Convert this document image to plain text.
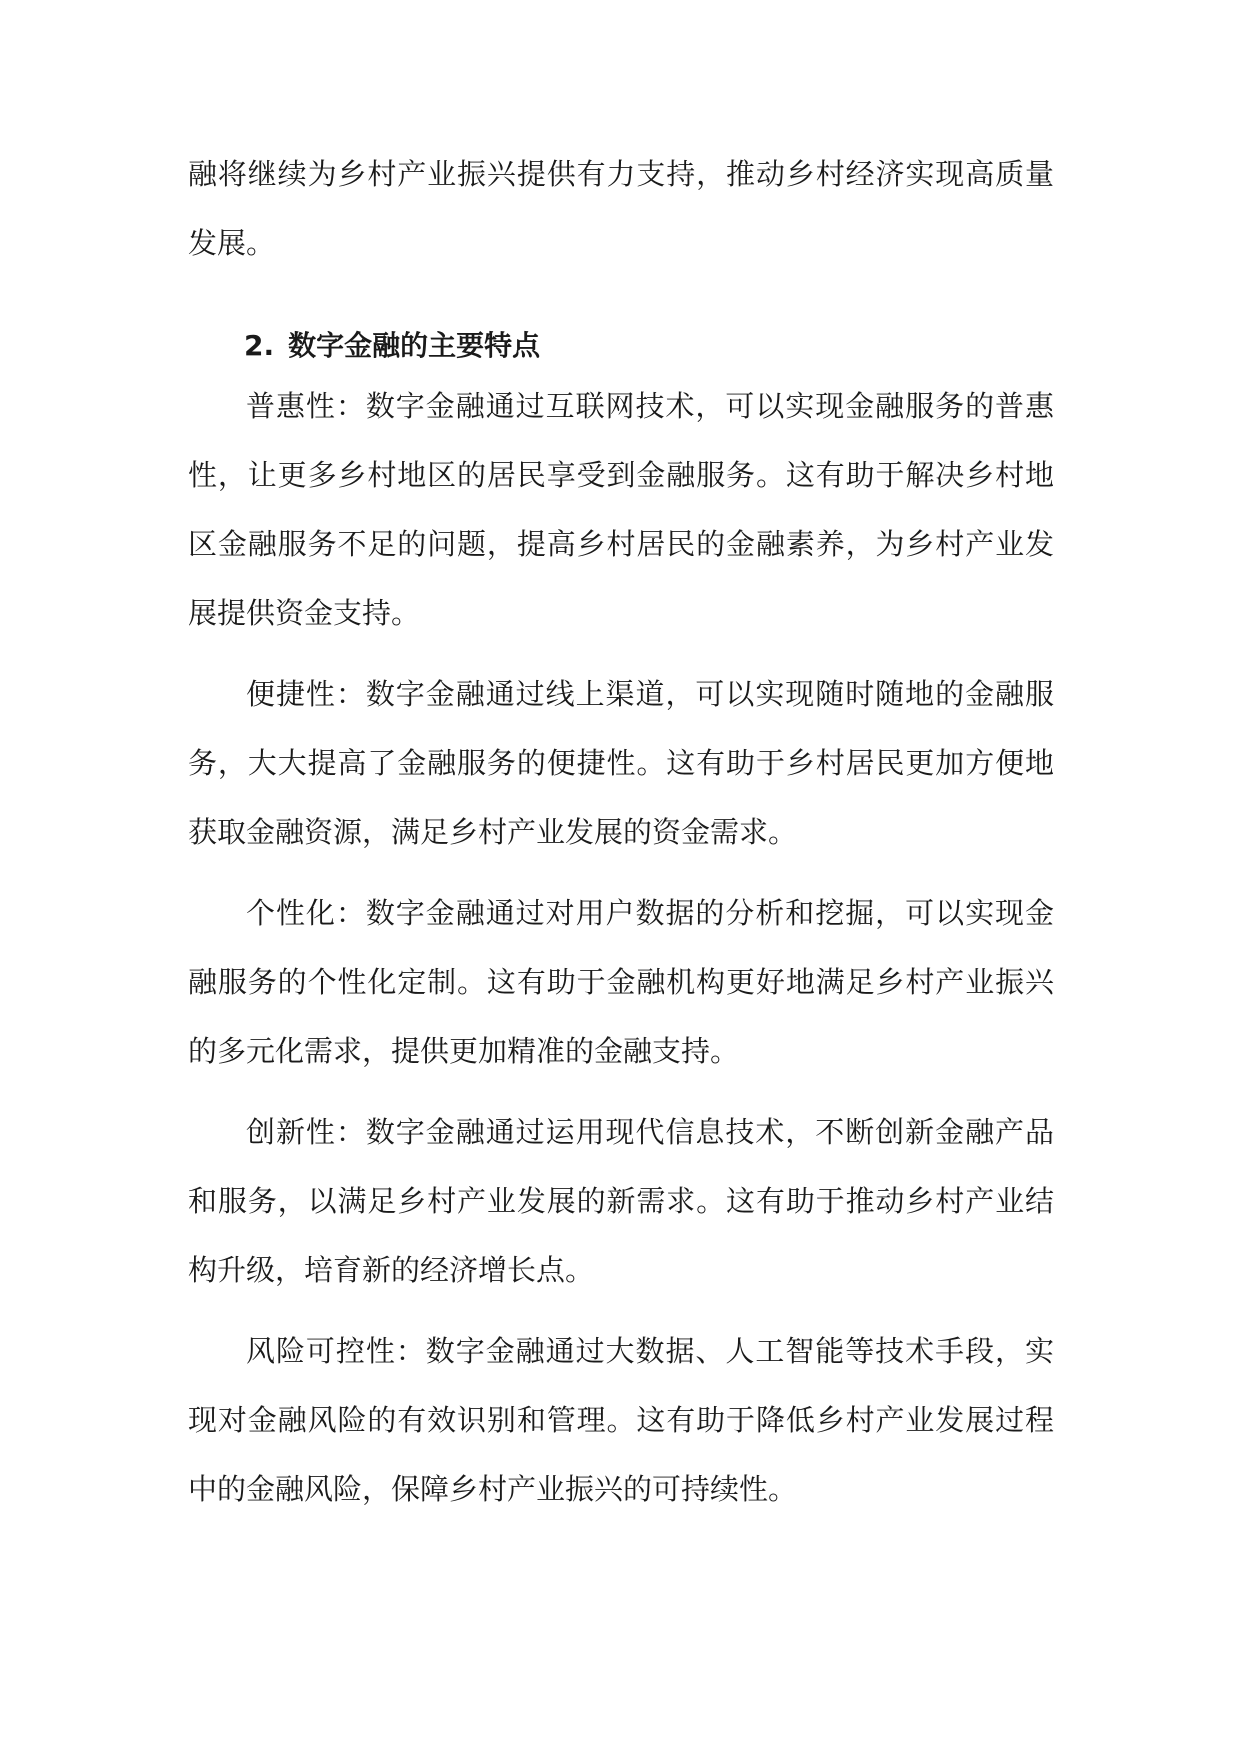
融将继续为乡村产业振兴提供有力支持，推动乡村经济实现高质量发展。

2. 数字金融的主要特点

普惠性：数字金融通过互联网技术，可以实现金融服务的普惠性，让更多乡村地区的居民享受到金融服务。这有助于解决乡村地区金融服务不足的问题，提高乡村居民的金融素养，为乡村产业发展提供资金支持。

便捷性：数字金融通过线上渠道，可以实现随时随地的金融服务，大大提高了金融服务的便捷性。这有助于乡村居民更加方便地获取金融资源，满足乡村产业发展的资金需求。

个性化：数字金融通过对用户数据的分析和挖掘，可以实现金融服务的个性化定制。这有助于金融机构更好地满足乡村产业振兴的多元化需求，提供更加精准的金融支持。

创新性：数字金融通过运用现代信息技术，不断创新金融产品和服务，以满足乡村产业发展的新需求。这有助于推动乡村产业结构升级，培育新的经济增长点。

风险可控性：数字金融通过大数据、人工智能等技术手段，实现对金融风险的有效识别和管理。这有助于降低乡村产业发展过程中的金融风险，保障乡村产业振兴的可持续性。
